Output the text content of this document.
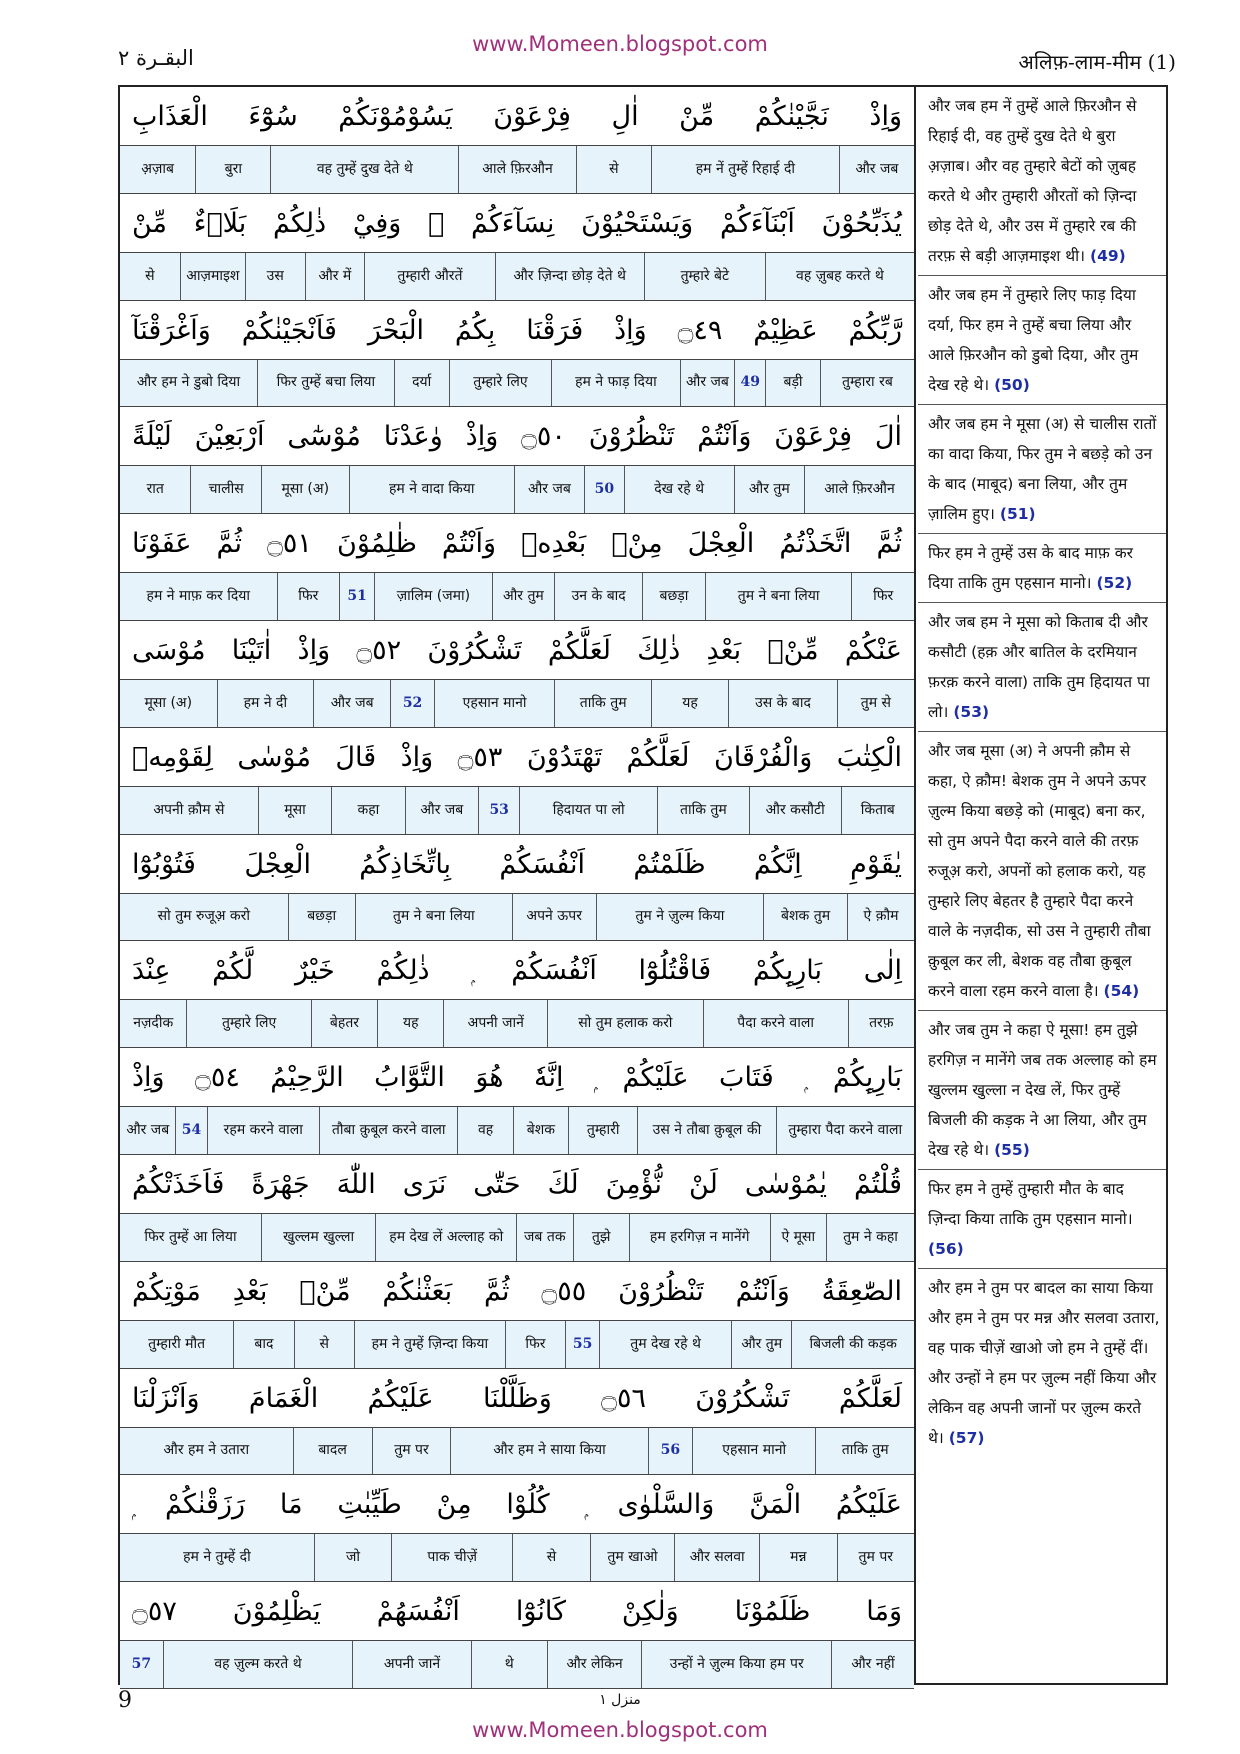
www.Momeen.blogspot.com
البقـرة ٢	अलिफ़-लाम-मीम (1)
وَاِذْ نَجَّيْنٰكُمْ مِّنْ اٰلِ فِرْعَوْنَ يَسُوْمُوْنَكُمْ سُوْٓءَ الْعَذَابِ
और जब
हम नें तुम्हें रिहाई दी
से
आले फ़िरऔन
वह तुम्हें दुख देते थे
बुरा
अ़ज़ाब
يُذَبِّحُوْنَ اَبْنَآءَكُمْ وَيَسْتَحْيُوْنَ نِسَآءَكُمْ ۭ وَفِيْ ذٰلِكُمْ بَلَاۗءٌ مِّنْ
वह ज़ुबह करते थे
तुम्हारे बेटे
और ज़िन्दा छोड़ देते थे
तुम्हारी औरतें
और में
उस
आज़माइश
से
رَّبِّكُمْ عَظِيْمٌ ۝٤٩ وَاِذْ فَرَقْنَا بِكُمُ الْبَحْرَ فَاَنْجَيْنٰكُمْ وَاَغْرَقْنَآ
तुम्हारा रब
बड़ी
49
और जब
हम ने फाड़ दिया
तुम्हारे लिए
दर्या
फिर तुम्हें बचा लिया
और हम ने डुबो दिया
اٰلَ فِرْعَوْنَ وَاَنْتُمْ تَنْظُرُوْنَ ۝٥٠ وَاِذْ وٰعَدْنَا مُوْسٰٓى اَرْبَعِيْنَ لَيْلَةً
आले फ़िरऔन
और तुम
देख रहे थे
50
और जब
हम ने वादा किया
मूसा (अ)
चालीस
रात
ثُمَّ اتَّخَذْتُمُ الْعِجْلَ مِنْۢ بَعْدِهٖ وَاَنْتُمْ ظٰلِمُوْنَ ۝٥١ ثُمَّ عَفَوْنَا
फिर
तुम ने बना लिया
बछड़ा
उन के बाद
और तुम
ज़ालिम (जमा)
51
फिर
हम ने माफ़ कर दिया
عَنْكُمْ مِّنْۢ بَعْدِ ذٰلِكَ لَعَلَّكُمْ تَشْكُرُوْنَ ۝٥٢ وَاِذْ اٰتَيْنَا مُوْسَى
तुम से
उस के बाद
यह
ताकि तुम
एहसान मानो
52
और जब
हम ने दी
मूसा (अ)
الْكِتٰبَ وَالْفُرْقَانَ لَعَلَّكُمْ تَهْتَدُوْنَ ۝٥٣ وَاِذْ قَالَ مُوْسٰى لِقَوْمِهٖ
किताब
और कसौटी
ताकि तुम
हिदायत पा लो
53
और जब
कहा
मूसा
अपनी क़ौम से
يٰقَوْمِ اِنَّكُمْ ظَلَمْتُمْ اَنْفُسَكُمْ بِاتِّخَاذِكُمُ الْعِجْلَ فَتُوْبُوْٓا
ऐ क़ौम
बेशक तुम
तुम ने ज़ुल्म किया
अपने ऊपर
तुम ने बना लिया
बछड़ा
सो तुम रुजूअ़ करो
اِلٰى بَارِىِٕكُمْ فَاقْتُلُوْٓا اَنْفُسَكُمْ ۭ ذٰلِكُمْ خَيْرٌ لَّكُمْ عِنْدَ
तरफ़
पैदा करने वाला
सो तुम हलाक करो
अपनी जानें
यह
बेहतर
तुम्हारे लिए
नज़दीक
بَارِىِٕكُمْ ۭ فَتَابَ عَلَيْكُمْ ۭ اِنَّهٗ هُوَ التَّوَّابُ الرَّحِيْمُ ۝٥٤ وَاِذْ
तुम्हारा पैदा करने वाला
उस ने तौबा क़ुबूल की
तुम्हारी
बेशक
वह
तौबा क़ुबूल करने वाला
रहम करने वाला
54
और जब
قُلْتُمْ يٰمُوْسٰى لَنْ نُّؤْمِنَ لَكَ حَتّٰى نَرَى اللّٰهَ جَهْرَةً فَاَخَذَتْكُمُ
तुम ने कहा
ऐ मूसा
हम हरगिज़ न मानेंगे
तुझे
जब तक
हम देख लें अल्लाह को
खुल्लम खुल्ला
फिर तुम्हें आ लिया
الصّٰعِقَةُ وَاَنْتُمْ تَنْظُرُوْنَ ۝٥٥ ثُمَّ بَعَثْنٰكُمْ مِّنْۢ بَعْدِ مَوْتِكُمْ
बिजली की कड़क
और तुम
तुम देख रहे थे
55
फिर
हम ने तुम्हें ज़िन्दा किया
से
बाद
तुम्हारी मौत
لَعَلَّكُمْ تَشْكُرُوْنَ ۝٥٦ وَظَلَّلْنَا عَلَيْكُمُ الْغَمَامَ وَاَنْزَلْنَا
ताकि तुम
एहसान मानो
56
और हम ने साया किया
तुम पर
बादल
और हम ने उतारा
عَلَيْكُمُ الْمَنَّ وَالسَّلْوٰى ۭ كُلُوْا مِنْ طَيِّبٰتِ مَا رَزَقْنٰكُمْ ۭ
तुम पर
मन्न
और सलवा
तुम खाओ
से
पाक चीज़ें
जो
हम ने तुम्हें दी
وَمَا ظَلَمُوْنَا وَلٰكِنْ كَانُوْٓا اَنْفُسَهُمْ يَظْلِمُوْنَ ۝٥٧
और नहीं
उन्हों ने ज़ुल्म किया हम पर
और लेकिन
थे
अपनी जानें
वह ज़ुल्म करते थे
57

और जब हम नें तुम्हें आले फ़िरऔन से रिहाई दी, वह तुम्हें दुख देते थे बुरा अ़ज़ाब। और वह तुम्हारे बेटों को ज़ुबह करते थे और तुम्हारी औरतों को ज़िन्दा छोड़ देते थे, और उस में तुम्हारे रब की तरफ़ से बड़ी आज़माइश थी। (49)

और जब हम नें तुम्हारे लिए फाड़ दिया दर्या, फिर हम ने तुम्हें बचा लिया और आले फ़िरऔन को डुबो दिया, और तुम देख रहे थे। (50)

और जब हम ने मूसा (अ) से चालीस रातों का वादा किया, फिर तुम ने बछड़े को उन के बाद (माबूद) बना लिया, और तुम ज़ालिम हुए। (51)

फिर हम ने तुम्हें उस के बाद माफ़ कर दिया ताकि तुम एहसान मानो। (52)

और जब हम ने मूसा को किताब दी और कसौटी (हक़ और बातिल के दरमियान फ़रक़ करने वाला) ताकि तुम हिदायत पा लो। (53)

और जब मूसा (अ) ने अपनी क़ौम से कहा, ऐ क़ौम! बेशक तुम ने अपने ऊपर ज़ुल्म किया बछड़े को (माबूद) बना कर, सो तुम अपने पैदा करने वाले की तरफ़ रुजूअ़ करो, अपनों को हलाक करो, यह तुम्हारे लिए बेहतर है तुम्हारे पैदा करने वाले के नज़दीक, सो उस ने तुम्हारी तौबा क़ुबूल कर ली, बेशक वह तौबा क़ुबूल करने वाला रहम करने वाला है। (54)

और जब तुम ने कहा ऐ मूसा! हम तुझे हरगिज़ न मानेंगे जब तक अल्लाह को हम खुल्लम खुल्ला न देख लें, फिर तुम्हें बिजली की कड़क ने आ लिया, और तुम देख रहे थे। (55)

फिर हम ने तुम्हें तुम्हारी मौत के बाद ज़िन्दा किया ताकि तुम एहसान मानो। (56)

और हम ने तुम पर बादल का साया किया और हम ने तुम पर मन्न और सलवा उतारा, वह पाक चीज़ें खाओ जो हम ने तुम्हें दीं। और उन्हों ने हम पर ज़ुल्म नहीं किया और लेकिन वह अपनी जानों पर ज़ुल्म करते थे। (57)

9	منزل ١
www.Momeen.blogspot.com
